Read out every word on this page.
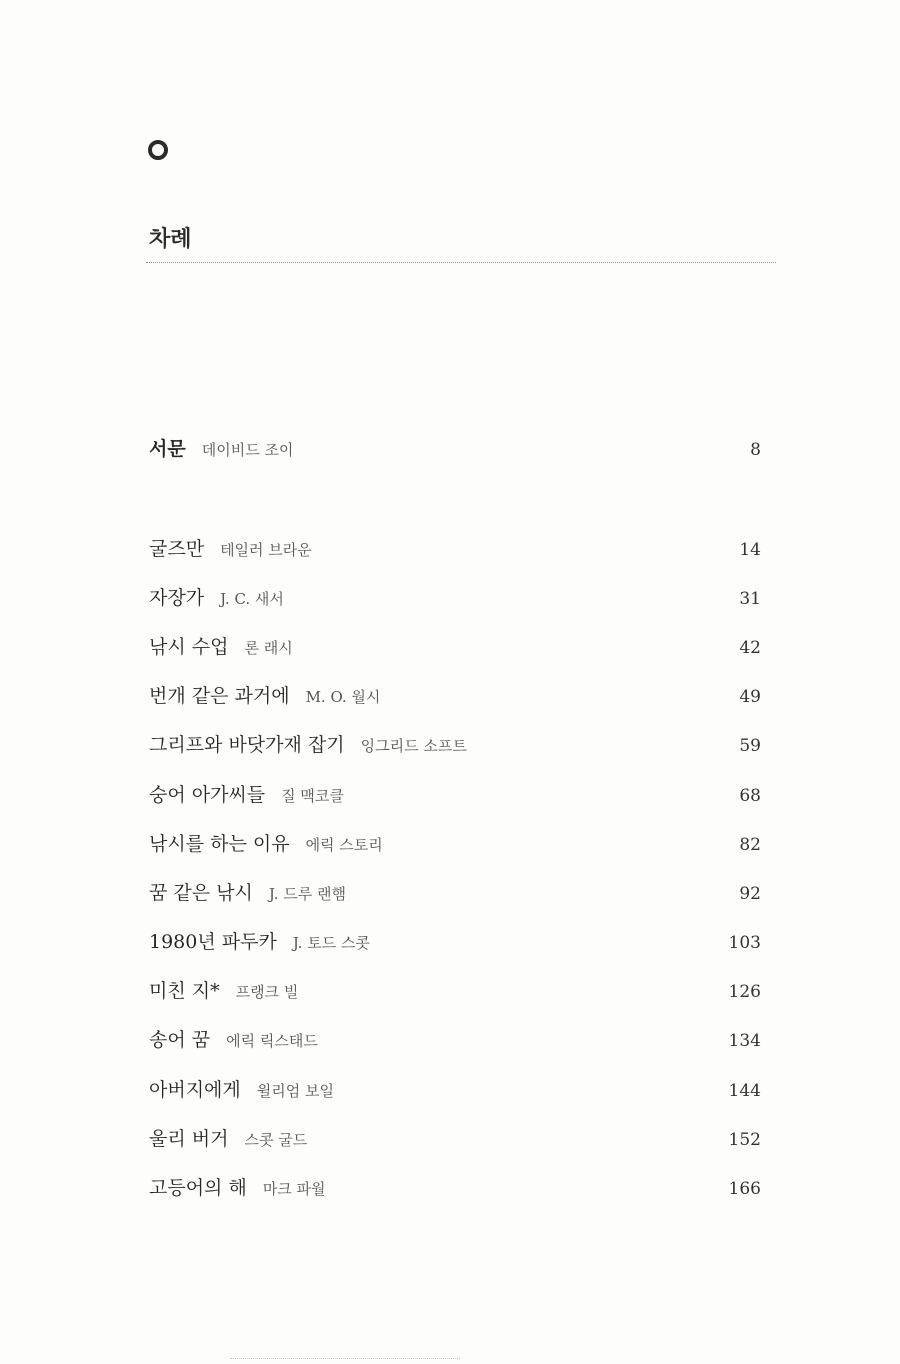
차례
서문 데이비드 조이	8
굴즈만 테일러 브라운	14
자장가 J. C. 새서	31
낚시 수업 론 래시	42
번개 같은 과거에 M. O. 월시	49
그리프와 바닷가재 잡기 잉그리드 소프트	59
숭어 아가씨들 질 맥코클	68
낚시를 하는 이유 에릭 스토리	82
꿈 같은 낚시 J. 드루 랜햄	92
1980년 파두카 J. 토드 스콧	103
미친 지* 프랭크 빌	126
송어 꿈 에릭 릭스태드	134
아버지에게 윌리엄 보일	144
울리 버거 스콧 굴드	152
고등어의 해 마크 파월	166
